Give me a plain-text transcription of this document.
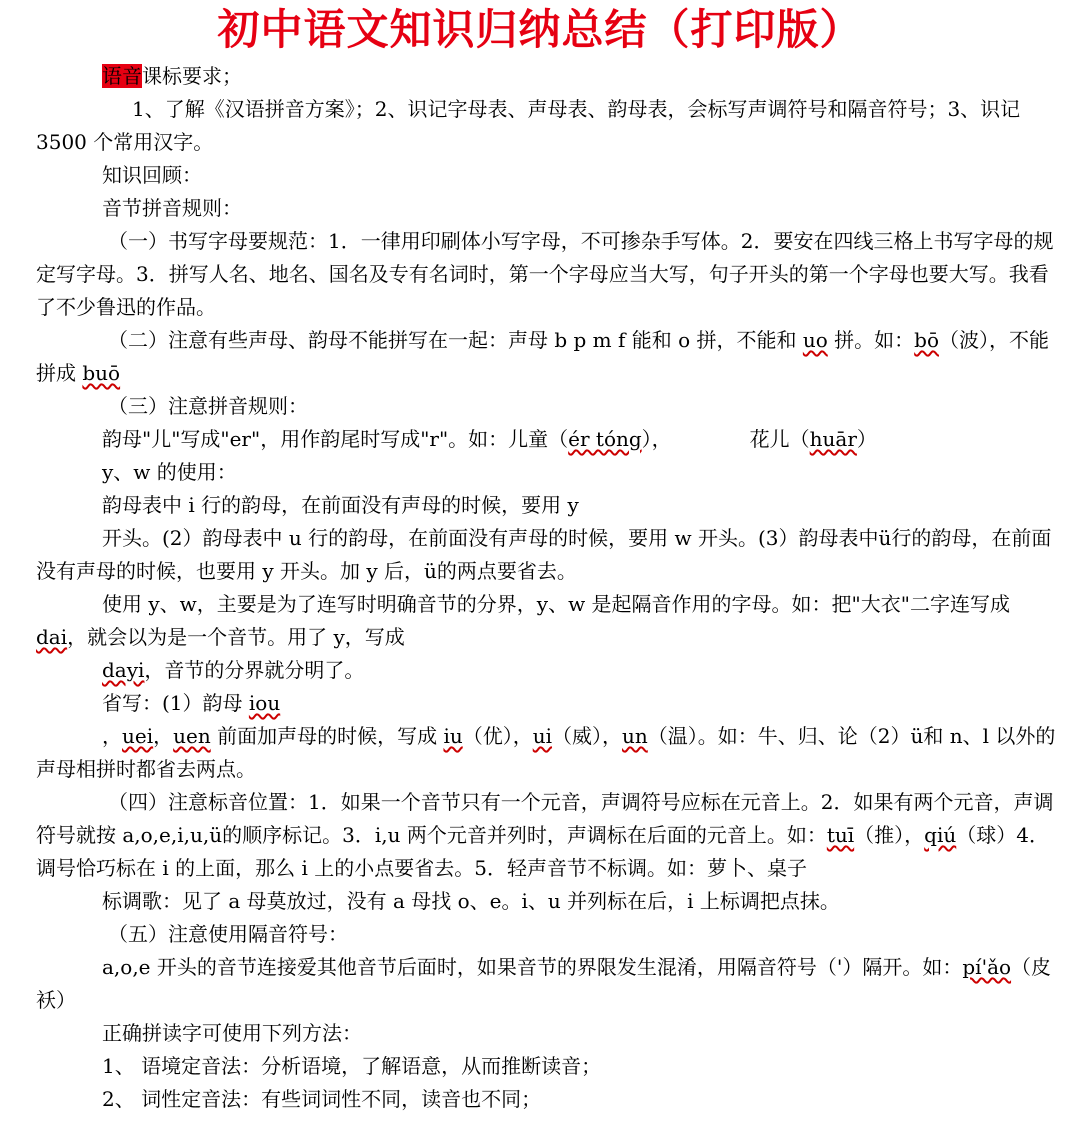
初中语文知识归纳总结（打印版）

语音课标要求；

1、了解《汉语拼音方案》；2、识记字母表、声母表、韵母表，会标写声调符号和隔音符号；3、识记 3500 个常用汉字。

知识回顾：

音节拼音规则：

（一）书写字母要规范：1．一律用印刷体小写字母，不可掺杂手写体。2．要安在四线三格上书写字母的规定写字母。3．拼写人名、地名、国名及专有名词时，第一个字母应当大写，句子开头的第一个字母也要大写。我看了不少鲁迅的作品。

（二）注意有些声母、韵母不能拼写在一起：声母 b p m f 能和 o 拼，不能和 uo 拼。如：bō（波），不能拼成 buō

（三）注意拼音规则：

韵母"儿"写成"er"，用作韵尾时写成"r"。如：儿童（ér tóng），	花儿（huār）

y、w 的使用：

韵母表中 i 行的韵母，在前面没有声母的时候，要用 y

开头。(2）韵母表中 u 行的韵母，在前面没有声母的时候，要用 w 开头。(3）韵母表中ü行的韵母，在前面没有声母的时候，也要用 y 开头。加 y 后，ü的两点要省去。

使用 y、w，主要是为了连写时明确音节的分界，y、w 是起隔音作用的字母。如：把"大衣"二字连写成 dai，就会以为是一个音节。用了 y，写成

dayi，音节的分界就分明了。

省写：(1）韵母 iou

，uei，uen 前面加声母的时候，写成 iu（优），ui（威），un（温）。如：牛、归、论（2）ü和 n、l 以外的声母相拼时都省去两点。

（四）注意标音位置：1．如果一个音节只有一个元音，声调符号应标在元音上。2．如果有两个元音，声调符号就按 a,o,e,i,u,ü的顺序标记。3．i,u 两个元音并列时，声调标在后面的元音上。如：tuī（推），qiú（球）4．调号恰巧标在 i 的上面，那么 i 上的小点要省去。5．轻声音节不标调。如：萝卜、桌子

标调歌：见了 a 母莫放过，没有 a 母找 o、e。i、u 并列标在后，i 上标调把点抹。

（五）注意使用隔音符号：

a,o,e 开头的音节连接爱其他音节后面时，如果音节的界限发生混淆，用隔音符号（'）隔开。如：pí'ǎo（皮袄）

正确拼读字可使用下列方法：

1、 语境定音法：分析语境，了解语意，从而推断读音；

2、 词性定音法：有些词词性不同，读音也不同；
